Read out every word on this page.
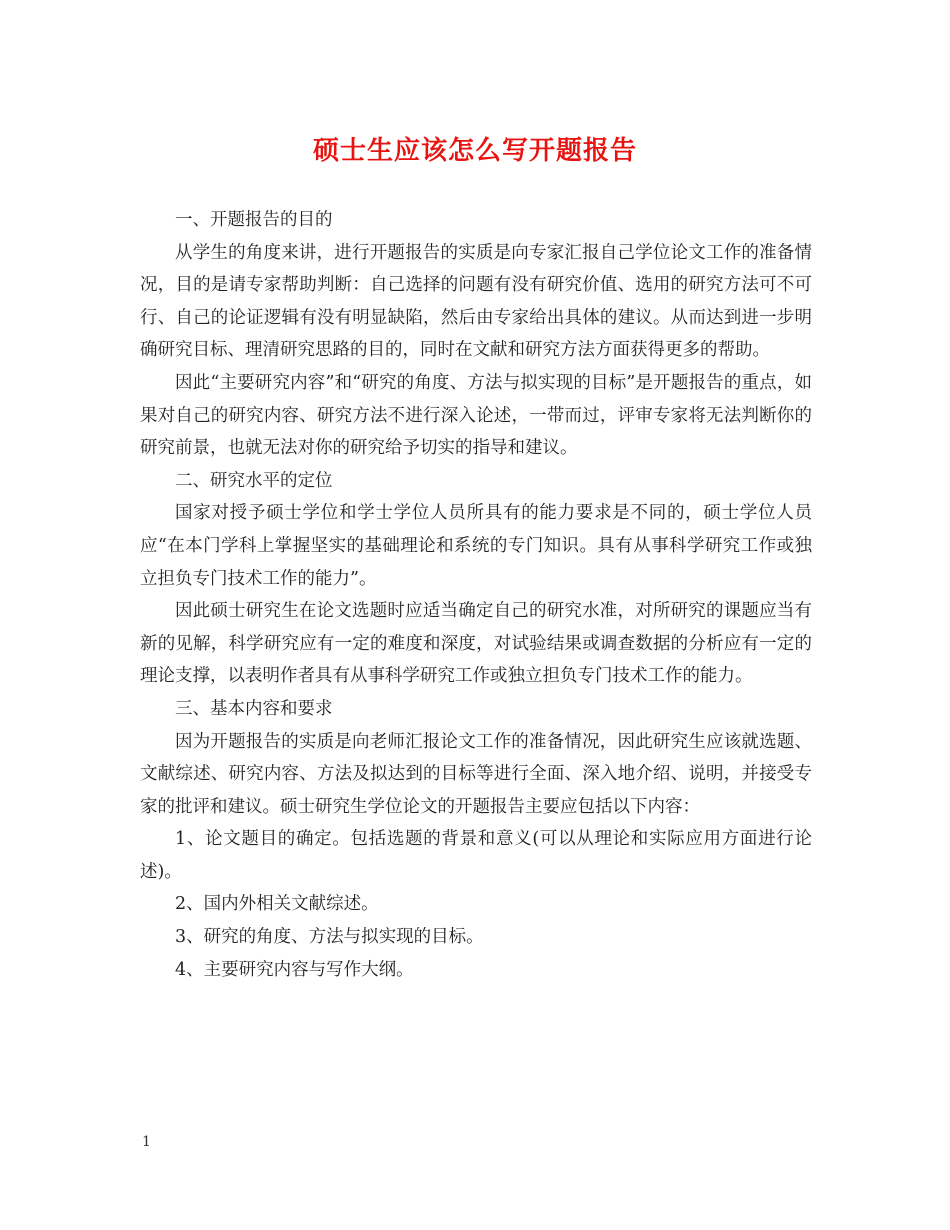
硕士生应该怎么写开题报告

一、开题报告的目的

从学生的角度来讲，进行开题报告的实质是向专家汇报自己学位论文工作的准备情况，目的是请专家帮助判断：自己选择的问题有没有研究价值、选用的研究方法可不可行、自己的论证逻辑有没有明显缺陷，然后由专家给出具体的建议。从而达到进一步明确研究目标、理清研究思路的目的，同时在文献和研究方法方面获得更多的帮助。

因此“主要研究内容”和“研究的角度、方法与拟实现的目标”是开题报告的重点，如果对自己的研究内容、研究方法不进行深入论述，一带而过，评审专家将无法判断你的研究前景，也就无法对你的研究给予切实的指导和建议。

二、研究水平的定位

国家对授予硕士学位和学士学位人员所具有的能力要求是不同的，硕士学位人员应“在本门学科上掌握坚实的基础理论和系统的专门知识。具有从事科学研究工作或独立担负专门技术工作的能力”。

因此硕士研究生在论文选题时应适当确定自己的研究水准，对所研究的课题应当有新的见解，科学研究应有一定的难度和深度，对试验结果或调查数据的分析应有一定的理论支撑，以表明作者具有从事科学研究工作或独立担负专门技术工作的能力。

三、基本内容和要求

因为开题报告的实质是向老师汇报论文工作的准备情况，因此研究生应该就选题、文献综述、研究内容、方法及拟达到的目标等进行全面、深入地介绍、说明，并接受专家的批评和建议。硕士研究生学位论文的开题报告主要应包括以下内容：

1、论文题目的确定。包括选题的背景和意义(可以从理论和实际应用方面进行论述)。

2、国内外相关文献综述。

3、研究的角度、方法与拟实现的目标。

4、主要研究内容与写作大纲。

1
